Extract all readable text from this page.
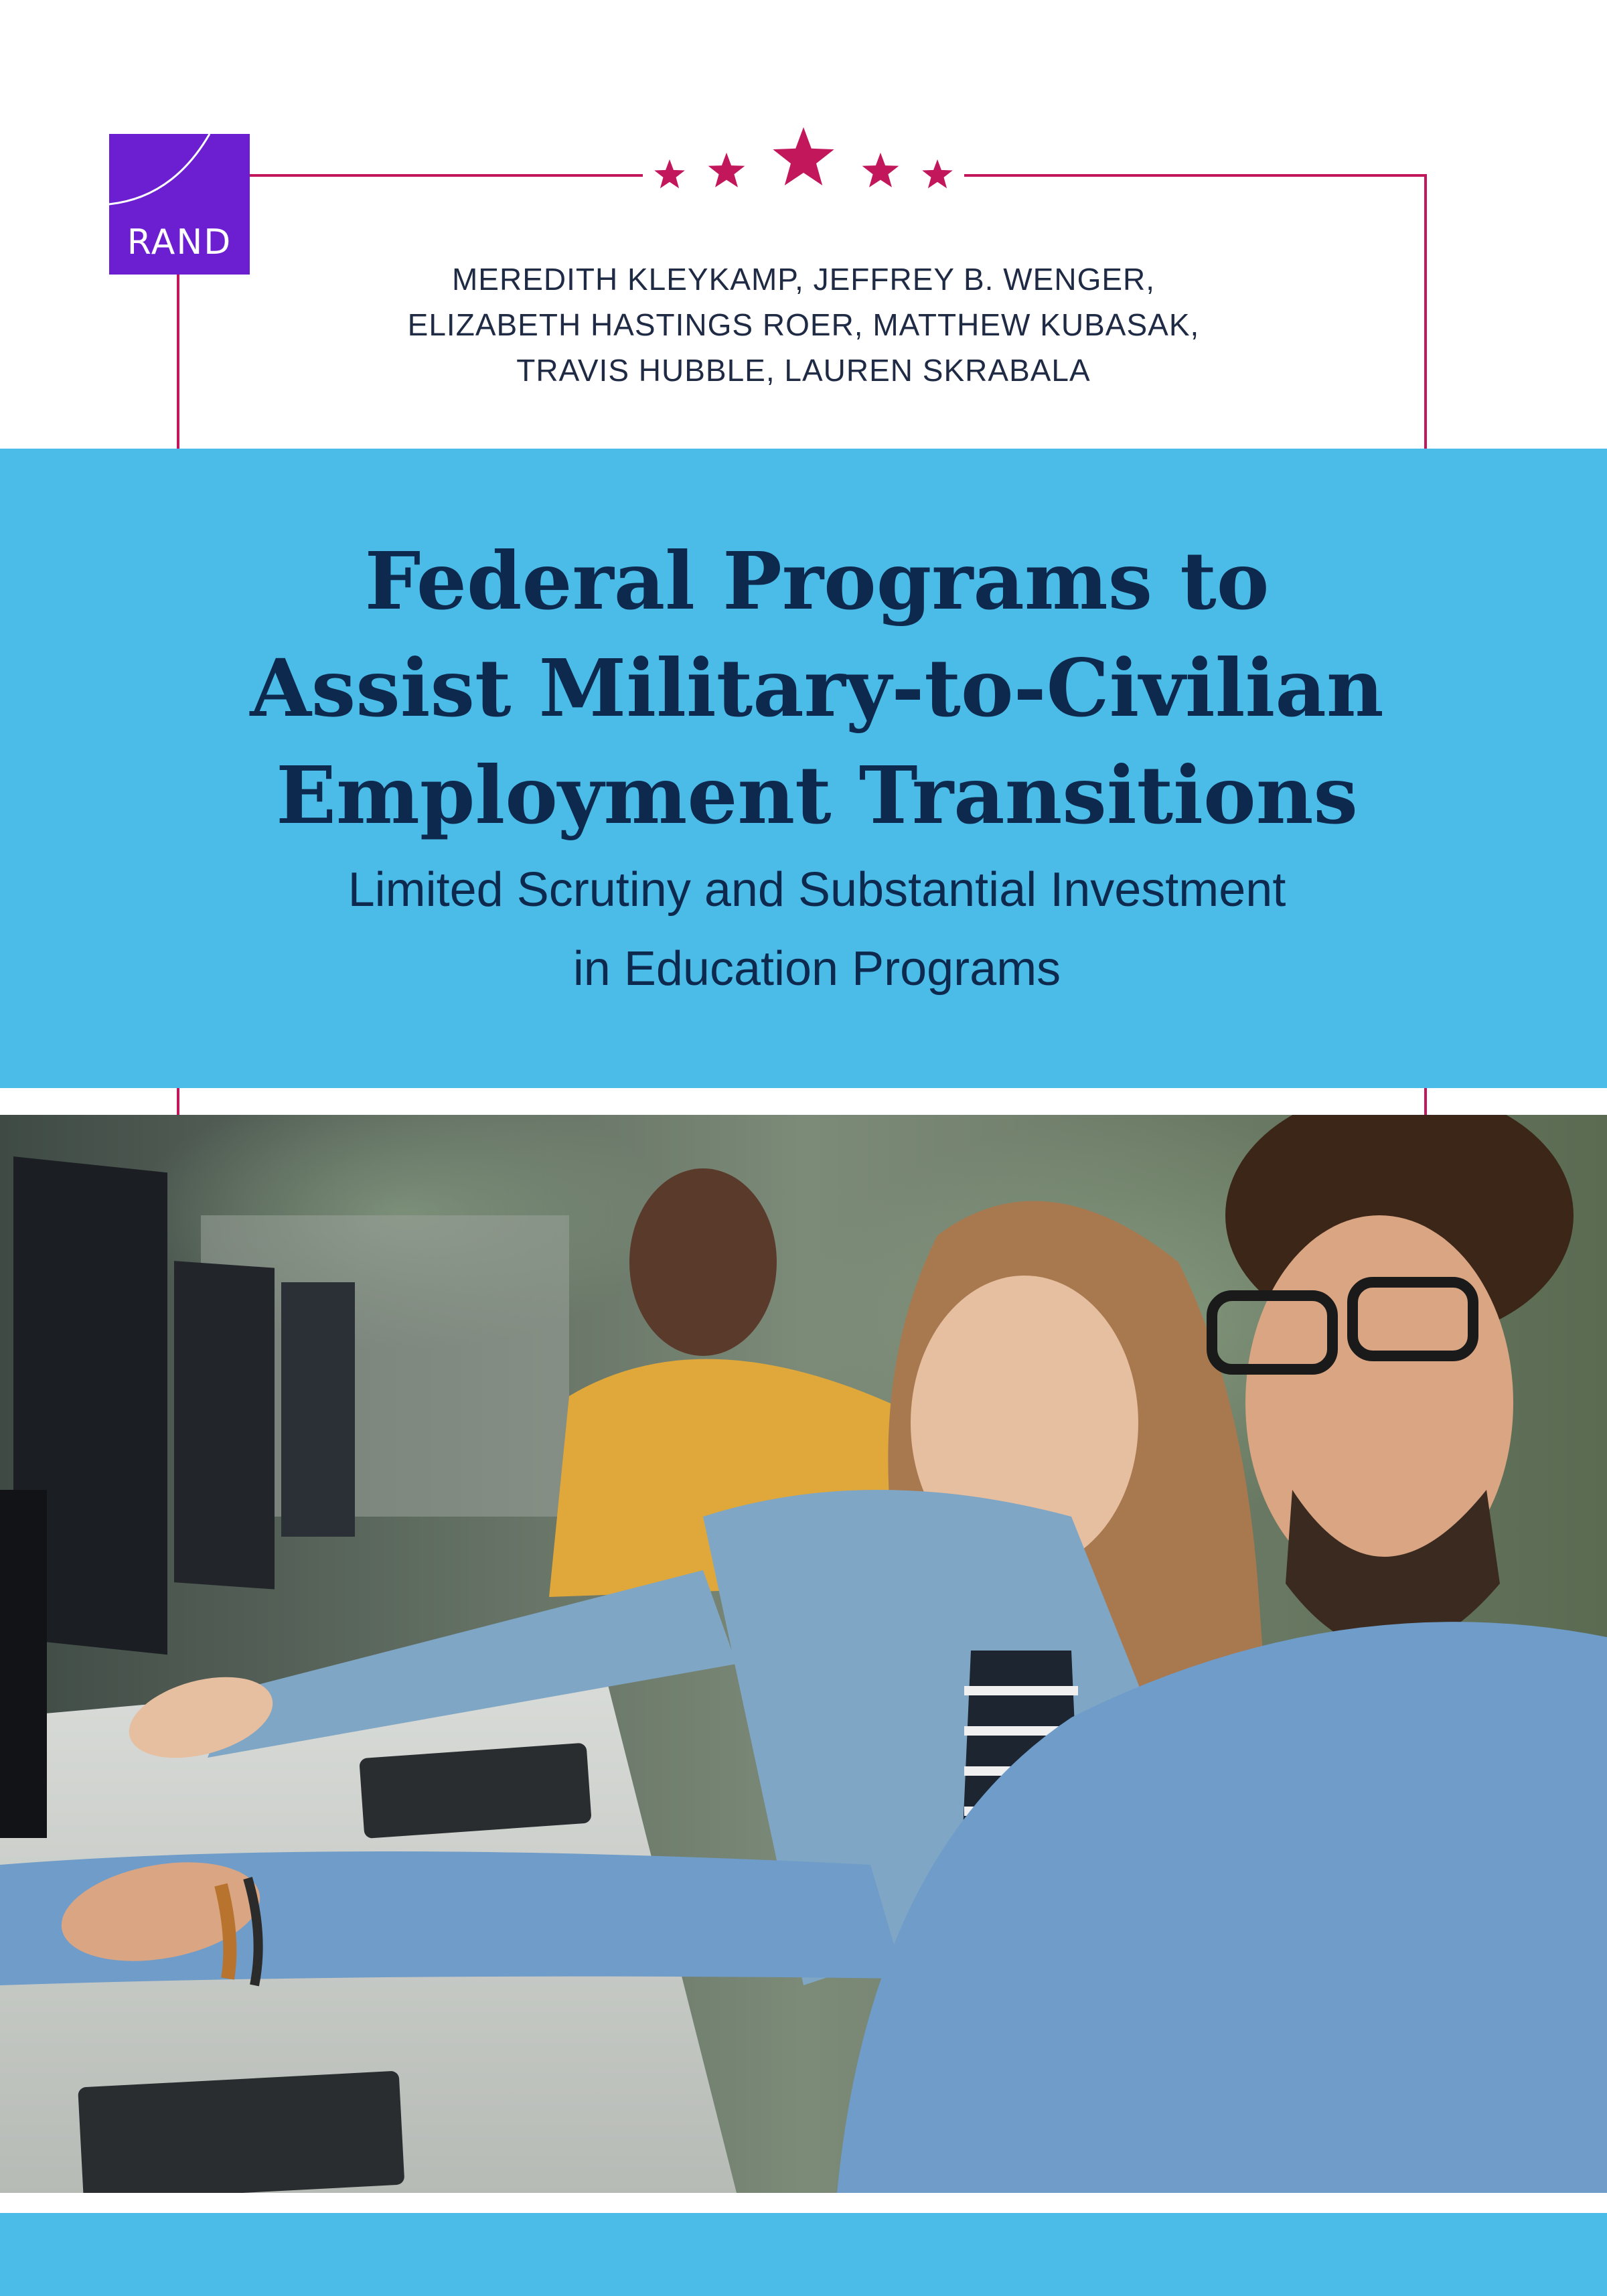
RAND
MEREDITH KLEYKAMP, JEFFREY B. WENGER,
ELIZABETH HASTINGS ROER, MATTHEW KUBASAK,
TRAVIS HUBBLE, LAUREN SKRABALA
Federal Programs to
Assist Military-to-Civilian
Employment Transitions
Limited Scrutiny and Substantial Investment
in Education Programs
